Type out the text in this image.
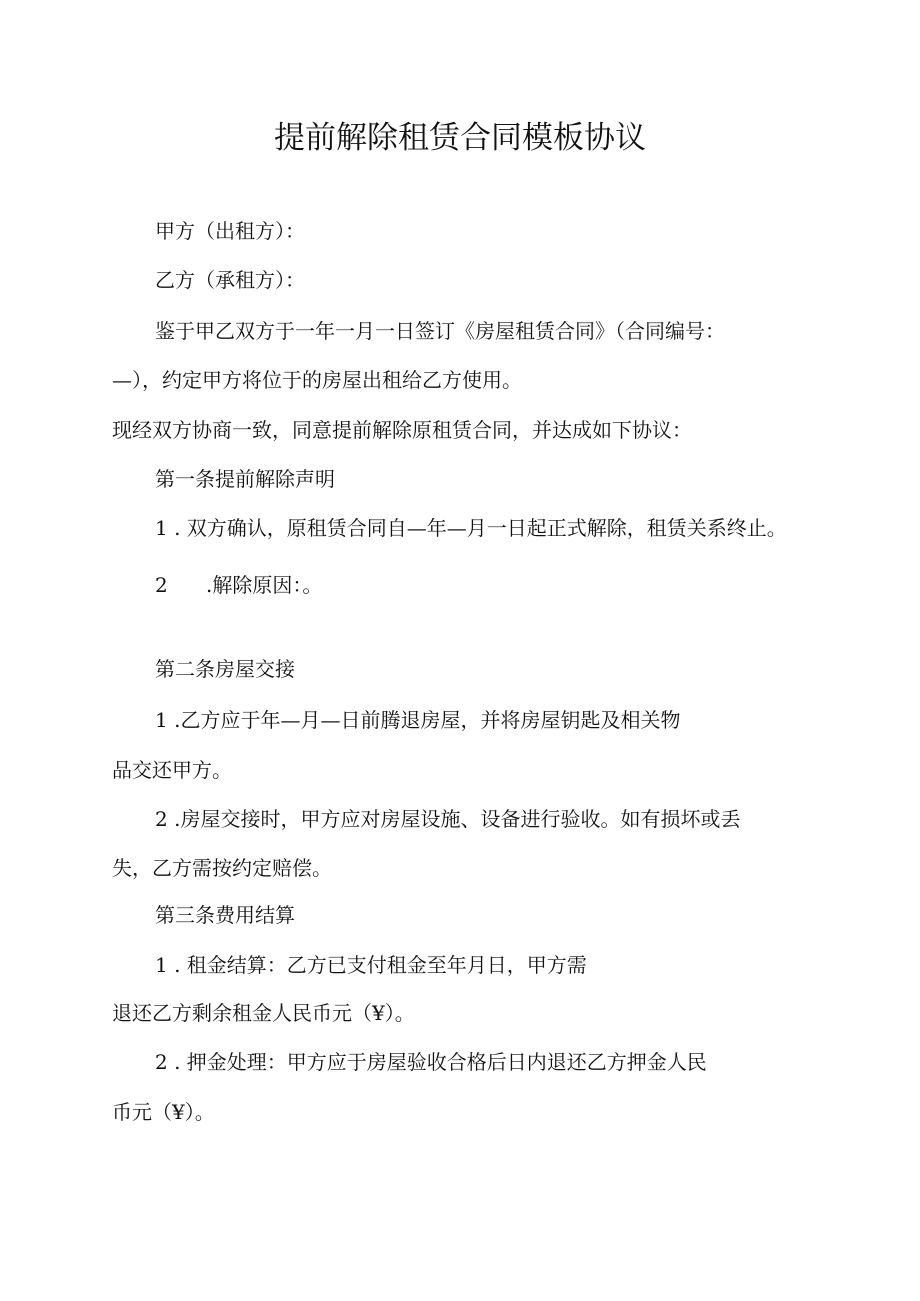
提前解除租赁合同模板协议
甲方（出租方）：
乙方（承租方）：
鉴于甲乙双方于一年一月一日签订《房屋租赁合同》（合同编号：
—），约定甲方将位于的房屋出租给乙方使用。
现经双方协商一致，同意提前解除原租赁合同，并达成如下协议：
第一条提前解除声明
1 . 双方确认，原租赁合同自—年—月一日起正式解除，租赁关系终止。
2 .解除原因：。
第二条房屋交接
1 .乙方应于年—月—日前腾退房屋，并将房屋钥匙及相关物
品交还甲方。
2 .房屋交接时，甲方应对房屋设施、设备进行验收。如有损坏或丢
失，乙方需按约定赔偿。
第三条费用结算
1 . 租金结算：乙方已支付租金至年月日，甲方需
退还乙方剩余租金人民币元（¥）。
2 . 押金处理：甲方应于房屋验收合格后日内退还乙方押金人民
币元（¥）。
